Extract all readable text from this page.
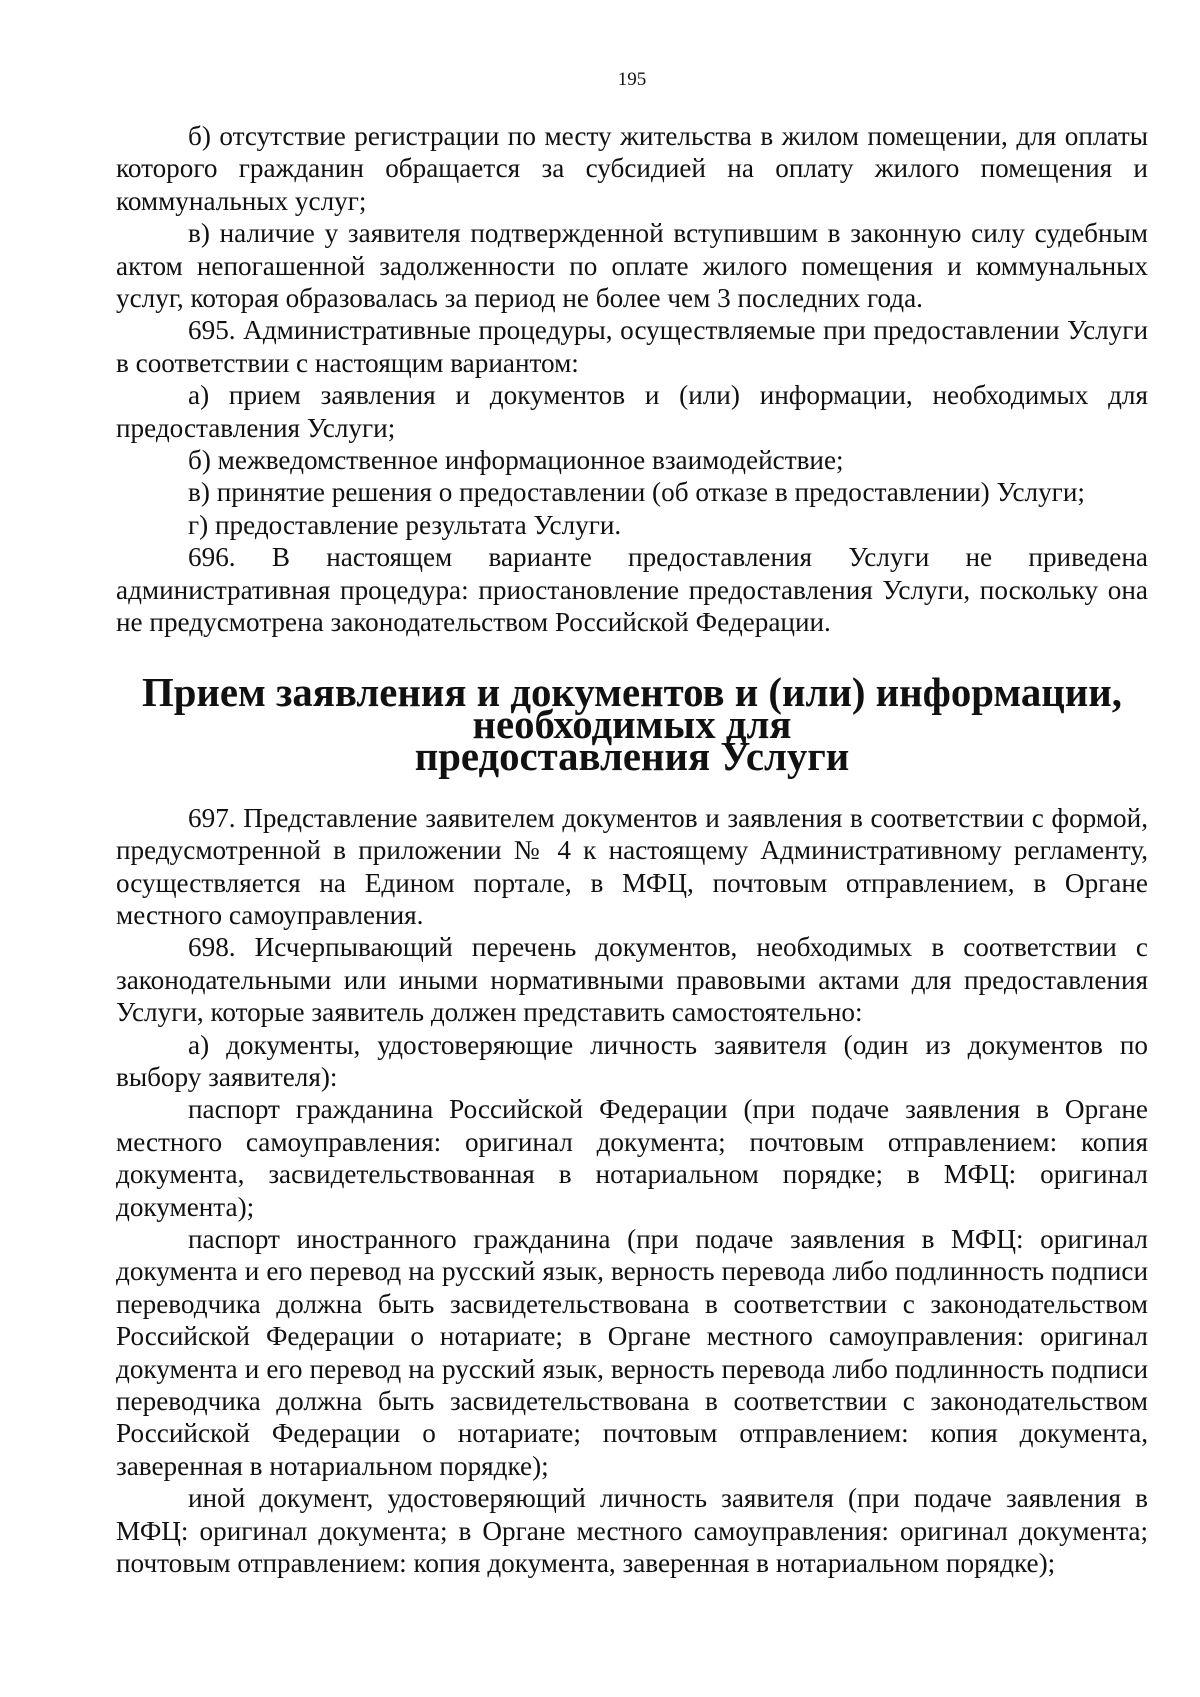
195

б) отсутствие регистрации по месту жительства в жилом помещении, для оплаты которого гражданин обращается за субсидией на оплату жилого помещения и коммунальных услуг;

в) наличие у заявителя подтвержденной вступившим в законную силу судебным актом непогашенной задолженности по оплате жилого помещения и коммунальных услуг, которая образовалась за период не более чем 3 последних года.

695. Административные процедуры, осуществляемые при предоставлении Услуги в соответствии с настоящим вариантом:

а) прием заявления и документов и (или) информации, необходимых для предоставления Услуги;

б) межведомственное информационное взаимодействие;

в) принятие решения о предоставлении (об отказе в предоставлении) Услуги;

г) предоставление результата Услуги.

696. В настоящем варианте предоставления Услуги не приведена административная процедура: приостановление предоставления Услуги, поскольку она не предусмотрена законодательством Российской Федерации.

Прием заявления и документов и (или) информации, необходимых для
предоставления Услуги

697. Представление заявителем документов и заявления в соответствии с формой, предусмотренной в приложении № 4 к настоящему Административному регламенту, осуществляется на Едином портале, в МФЦ, почтовым отправлением, в Органе местного самоуправления.

698. Исчерпывающий перечень документов, необходимых в соответствии с законодательными или иными нормативными правовыми актами для предоставления Услуги, которые заявитель должен представить самостоятельно:

а) документы, удостоверяющие личность заявителя (один из документов по выбору заявителя):

паспорт гражданина Российской Федерации (при подаче заявления в Органе местного самоуправления: оригинал документа; почтовым отправлением: копия документа, засвидетельствованная в нотариальном порядке; в МФЦ: оригинал документа);

паспорт иностранного гражданина (при подаче заявления в МФЦ: оригинал документа и его перевод на русский язык, верность перевода либо подлинность подписи переводчика должна быть засвидетельствована в соответствии с законодательством Российской Федерации о нотариате; в Органе местного самоуправления: оригинал документа и его перевод на русский язык, верность перевода либо подлинность подписи переводчика должна быть засвидетельствована в соответствии с законодательством Российской Федерации о нотариате; почтовым отправлением: копия документа, заверенная в нотариальном порядке);

иной документ, удостоверяющий личность заявителя (при подаче заявления в МФЦ: оригинал документа; в Органе местного самоуправления: оригинал документа; почтовым отправлением: копия документа, заверенная в нотариальном порядке);
